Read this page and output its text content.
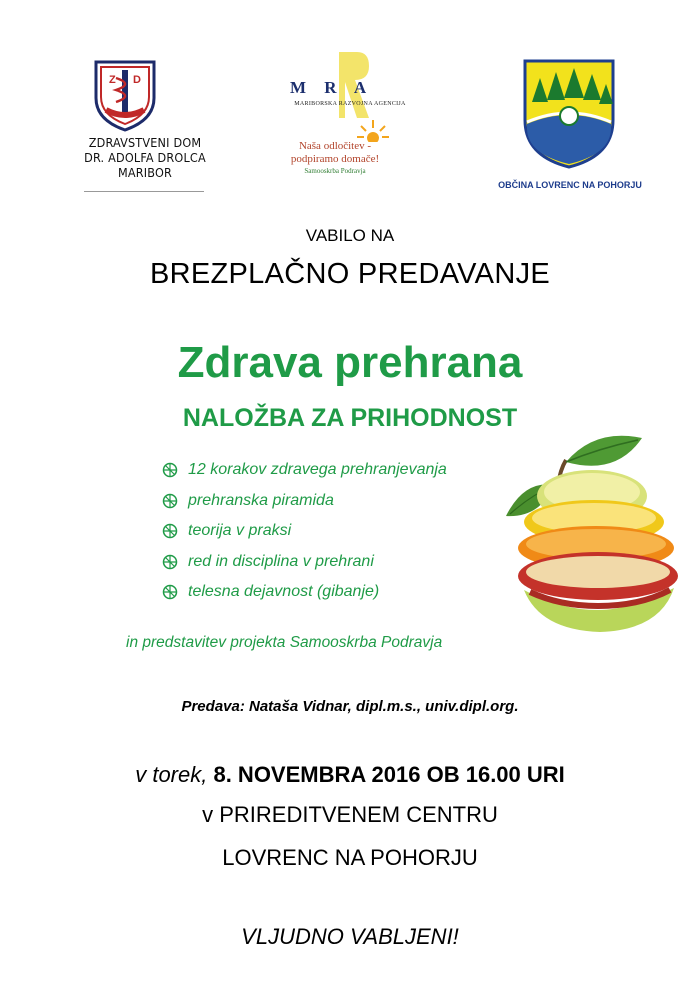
Z D
ZDRAVSTVENI DOM
DR. ADOLFA DROLCA
MARIBOR
M R A
MARIBORSKA RAZVOJNA AGENCIJA
Naša odločitev -
podpiramo domače!
Samooskrba Podravja
OBČINA LOVRENC NA POHORJU
VABILO NA
BREZPLAČNO PREDAVANJE
Zdrava prehrana
NALOŽBA ZA PRIHODNOST
12 korakov zdravega prehranjevanja
prehranska piramida
teorija v praksi
red in disciplina v prehrani
telesna dejavnost (gibanje)
in predstavitev projekta Samooskrba Podravja
Predava: Nataša Vidnar, dipl.m.s., univ.dipl.org.
v torek, 8. NOVEMBRA 2016 OB 16.00 URI
v PRIREDITVENEM CENTRU
LOVRENC NA POHORJU
VLJUDNO VABLJENI!
